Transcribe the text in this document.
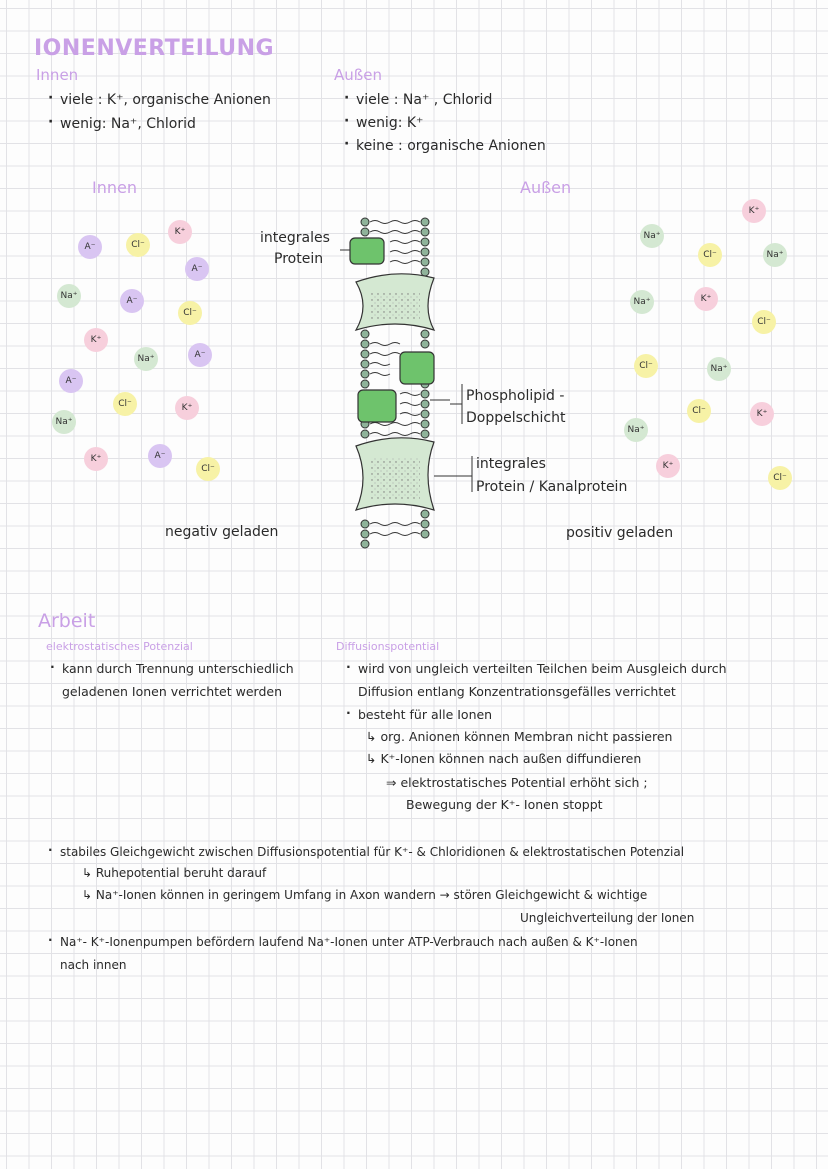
IONENVERTEILUNG
Innen
· viele : K⁺, organische Anionen
· wenig: Na⁺, Chlorid
Außen
· viele : Na⁺ , Chlorid
· wenig: K⁺
· keine : organische Anionen
Innen	Außen
K⁺
A⁻	Cl⁻
A⁻
Na⁺	A⁻
Cl⁻
K⁺
A⁻
Na⁺
A⁻
Cl⁻	K⁺
Na⁺
K⁺	A⁻
Cl⁻
K⁺
Na⁺
Cl⁻	Na⁺
K⁺
Na⁺
Cl⁻
Cl⁻	Na⁺
Cl⁻	K⁺
Na⁺
K⁺
Cl⁻
integrales
Protein
Phospholipid -
Doppelschicht
integrales
Protein / Kanalprotein
negativ geladen	positiv geladen
Arbeit
elektrostatisches Potenzial
· kann durch Trennung unterschiedlich
geladenen Ionen verrichtet werden
Diffusionspotential
· wird von ungleich verteilten Teilchen beim Ausgleich durch
Diffusion entlang Konzentrationsgefälles verrichtet
· besteht für alle Ionen
↳ org. Anionen können Membran nicht passieren
↳ K⁺-Ionen können nach außen diffundieren
⇒ elektrostatisches Potential erhöht sich ;
Bewegung der K⁺- Ionen stoppt
· stabiles Gleichgewicht zwischen Diffusionspotential für K⁺- & Chloridionen & elektrostatischen Potenzial
↳ Ruhepotential beruht darauf
↳ Na⁺-Ionen können in geringem Umfang in Axon wandern → stören Gleichgewicht & wichtige
Ungleichverteilung der Ionen
· Na⁺- K⁺-Ionenpumpen befördern laufend Na⁺-Ionen unter ATP-Verbrauch nach außen & K⁺-Ionen
nach innen
